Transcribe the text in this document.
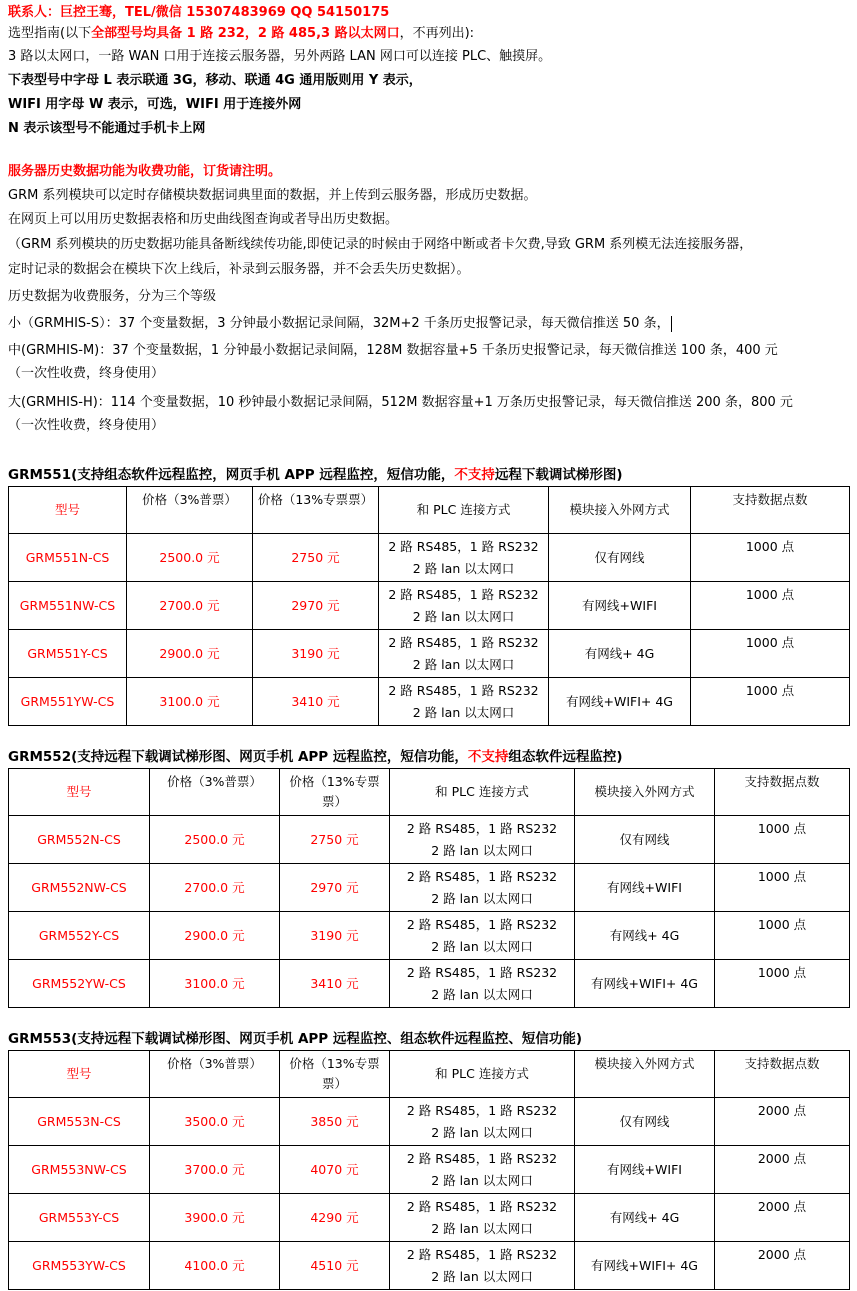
联系人：巨控王骞，TEL/微信 15307483969 QQ 54150175
选型指南(以下全部型号均具备 1 路 232，2 路 485,3 路以太网口，不再列出):
3 路以太网口，一路 WAN 口用于连接云服务器，另外两路 LAN 网口可以连接 PLC、触摸屏。
下表型号中字母 L 表示联通 3G，移动、联通 4G 通用版则用 Y 表示，
WIFI 用字母 W 表示，可选，WIFI 用于连接外网
N 表示该型号不能通过手机卡上网
服务器历史数据功能为收费功能，订货请注明。
GRM 系列模块可以定时存储模块数据词典里面的数据，并上传到云服务器，形成历史数据。
在网页上可以用历史数据表格和历史曲线图查询或者导出历史数据。
（GRM 系列模块的历史数据功能具备断线续传功能,即使记录的时候由于网络中断或者卡欠费,导致 GRM 系列模无法连接服务器，
定时记录的数据会在模块下次上线后，补录到云服务器，并不会丢失历史数据）。
历史数据为收费服务，分为三个等级
小（GRMHIS-S）：37 个变量数据，3 分钟最小数据记录间隔，32M+2 千条历史报警记录，每天微信推送 50 条，
中(GRMHIS-M)：37 个变量数据，1 分钟最小数据记录间隔，128M 数据容量+5 千条历史报警记录，每天微信推送 100 条，400 元
（一次性收费，终身使用）
大(GRMHIS-H)：114 个变量数据，10 秒钟最小数据记录间隔，512M 数据容量+1 万条历史报警记录，每天微信推送 200 条，800 元
（一次性收费，终身使用）
GRM551(支持组态软件远程监控，网页手机 APP 远程监控，短信功能，不支持远程下载调试梯形图)
型号	价格（3%普票）	价格（13%专票票）	和 PLC 连接方式	模块接入外网方式	支持数据点数
GRM551N-CS	2500.0 元	2750 元	2 路 RS485，1 路 RS232
2 路 lan 以太网口	仅有网线	1000 点
GRM551NW-CS	2700.0 元	2970 元	2 路 RS485，1 路 RS232
2 路 lan 以太网口	有网线+WIFI	1000 点
GRM551Y-CS	2900.0 元	3190 元	2 路 RS485，1 路 RS232
2 路 lan 以太网口	有网线+ 4G	1000 点
GRM551YW-CS	3100.0 元	3410 元	2 路 RS485，1 路 RS232
2 路 lan 以太网口	有网线+WIFI+ 4G	1000 点
GRM552(支持远程下载调试梯形图、网页手机 APP 远程监控，短信功能，不支持组态软件远程监控)
型号	价格（3%普票）	价格（13%专票票）	和 PLC 连接方式	模块接入外网方式	支持数据点数
GRM552N-CS	2500.0 元	2750 元	2 路 RS485，1 路 RS232
2 路 lan 以太网口	仅有网线	1000 点
GRM552NW-CS	2700.0 元	2970 元	2 路 RS485，1 路 RS232
2 路 lan 以太网口	有网线+WIFI	1000 点
GRM552Y-CS	2900.0 元	3190 元	2 路 RS485，1 路 RS232
2 路 lan 以太网口	有网线+ 4G	1000 点
GRM552YW-CS	3100.0 元	3410 元	2 路 RS485，1 路 RS232
2 路 lan 以太网口	有网线+WIFI+ 4G	1000 点
GRM553(支持远程下载调试梯形图、网页手机 APP 远程监控、组态软件远程监控、短信功能)
型号	价格（3%普票）	价格（13%专票票）	和 PLC 连接方式	模块接入外网方式	支持数据点数
GRM553N-CS	3500.0 元	3850 元	2 路 RS485，1 路 RS232
2 路 lan 以太网口	仅有网线	2000 点
GRM553NW-CS	3700.0 元	4070 元	2 路 RS485，1 路 RS232
2 路 lan 以太网口	有网线+WIFI	2000 点
GRM553Y-CS	3900.0 元	4290 元	2 路 RS485，1 路 RS232
2 路 lan 以太网口	有网线+ 4G	2000 点
GRM553YW-CS	4100.0 元	4510 元	2 路 RS485，1 路 RS232
2 路 lan 以太网口	有网线+WIFI+ 4G	2000 点
